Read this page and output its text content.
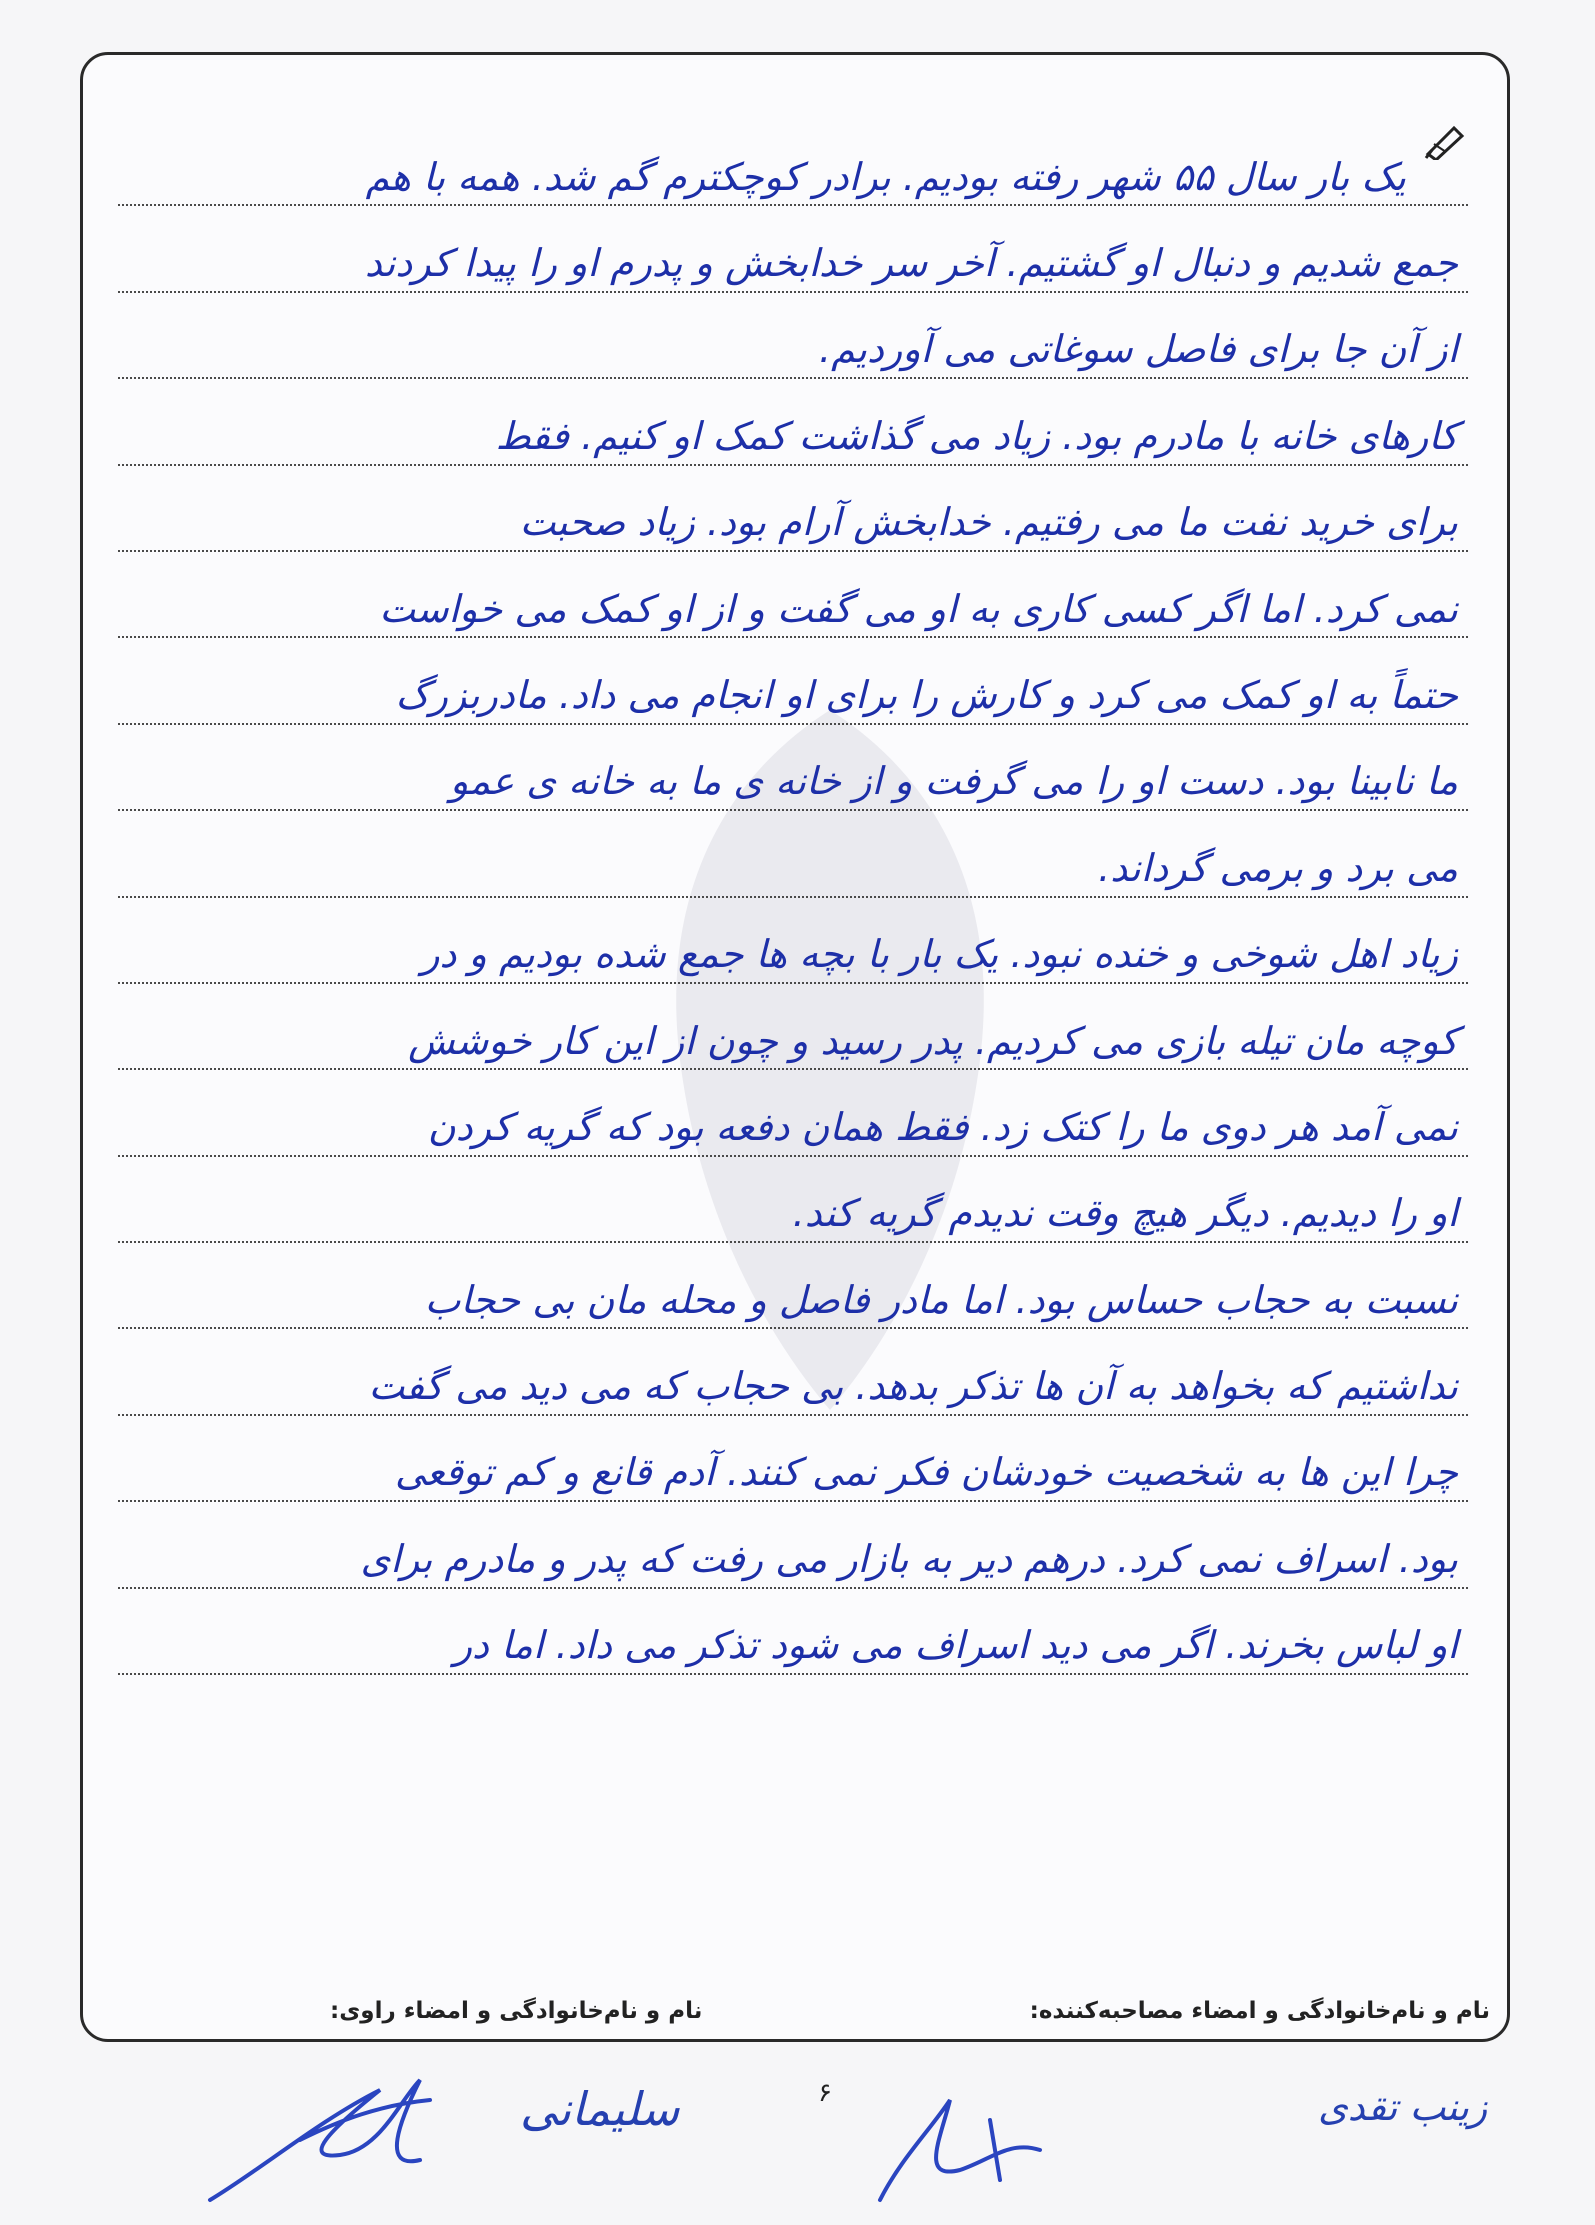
یک بار سال ۵۵ شهر رفته بودیم. برادر کوچکترم گم شد. همه با هم
جمع شدیم و دنبال او گشتیم. آخر سر خدابخش و پدرم او را پیدا کردند
از آن جا برای فاصل سوغاتی می آوردیم.
کارهای خانه با مادرم بود. زیاد می گذاشت کمک او کنیم. فقط
برای خرید نفت ما می رفتیم. خدابخش آرام بود. زیاد صحبت
نمی کرد. اما اگر کسی کاری به او می گفت و از او کمک می خواست
حتماً به او کمک می کرد و کارش را برای او انجام می داد. مادربزرگ
ما نابینا بود. دست او را می گرفت و از خانه ی ما به خانه ی عمو
می برد و برمی گرداند.
زیاد اهل شوخی و خنده نبود. یک بار با بچه ها جمع شده بودیم و در
کوچه مان تیله بازی می کردیم. پدر رسید و چون از این کار خوشش
نمی آمد هر دوی ما را کتک زد. فقط همان دفعه بود که گریه کردن
او را دیدیم. دیگر هیچ وقت ندیدم گریه کند.
نسبت به حجاب حساس بود. اما مادر فاصل و محله مان بی حجاب
نداشتیم که بخواهد به آن ها تذکر بدهد. بی حجاب که می دید می گفت
چرا این ها به شخصیت خودشان فکر نمی کنند. آدم قانع و کم توقعی
بود. اسراف نمی کرد. درهم دیر به بازار می رفت که پدر و مادرم برای
او لباس بخرند. اگر می دید اسراف می شود تذکر می داد. اما در
نام و نام‌خانوادگی و امضاء مصاحبه‌کننده:
نام و نام‌خانوادگی و امضاء راوی:
۶
سلیمانی	زینب تقدی
